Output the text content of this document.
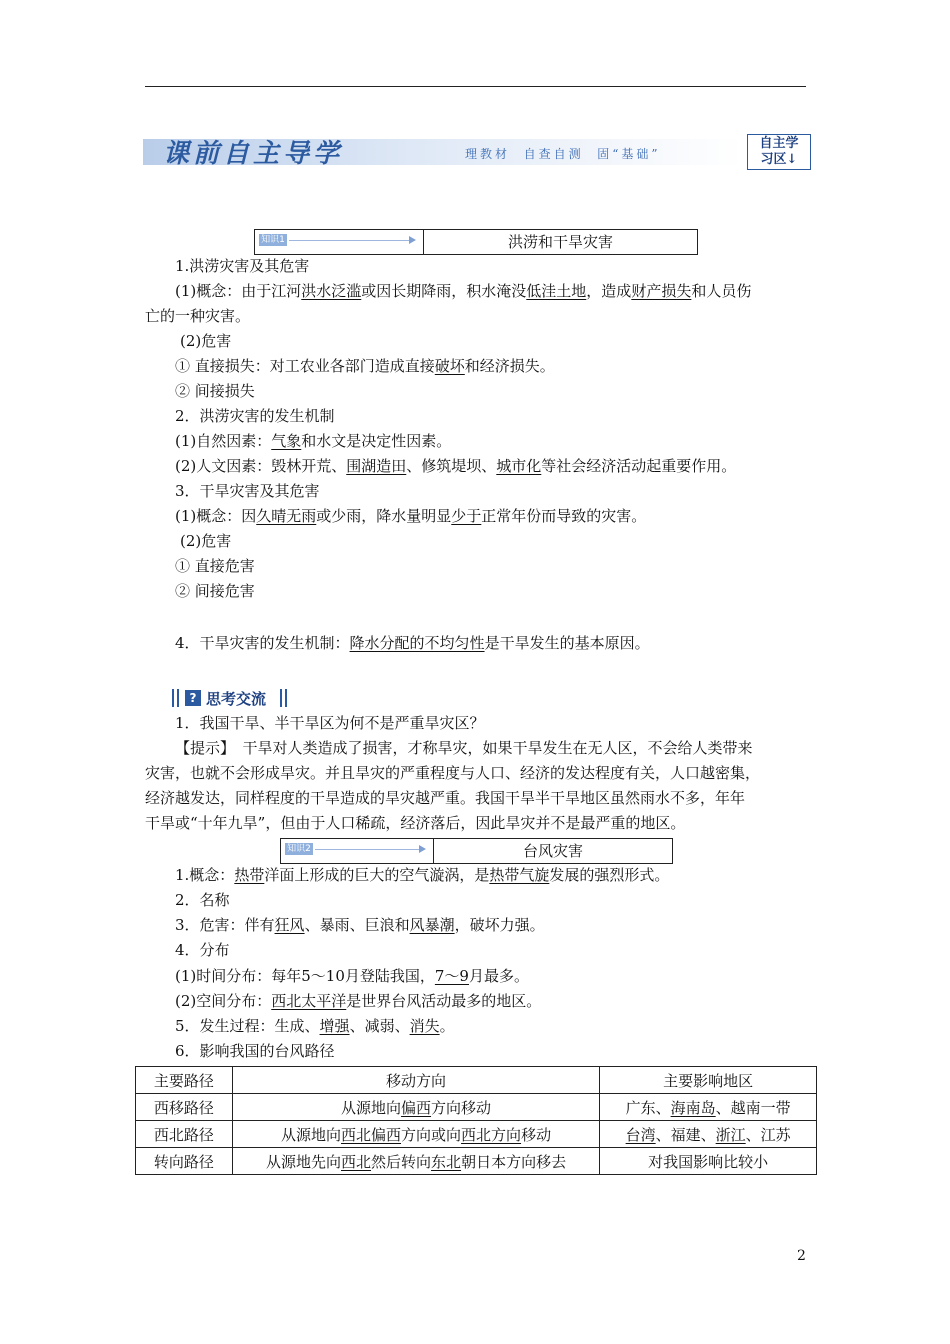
课前自主导学	理教材  自查自测  固“基础”
自主学
习区↓
知识1	洪涝和干旱灾害
1.洪涝灾害及其危害
(1)概念：由于江河洪水泛滥或因长期降雨，积水淹没低洼土地，造成财产损失和人员伤
亡的一种灾害。
(2)危害
① 直接损失：对工农业各部门造成直接破坏和经济损失。
② 间接损失
2．洪涝灾害的发生机制
(1)自然因素：气象和水文是决定性因素。
(2)人文因素：毁林开荒、围湖造田、修筑堤坝、城市化等社会经济活动起重要作用。
3．干旱灾害及其危害
(1)概念：因久晴无雨或少雨，降水量明显少于正常年份而导致的灾害。
(2)危害
① 直接危害
② 间接危害
4．干旱灾害的发生机制：降水分配的不均匀性是干旱发生的基本原因。
? 思考交流
1．我国干旱、半干旱区为何不是严重旱灾区？
【提示】　干旱对人类造成了损害，才称旱灾，如果干旱发生在无人区，不会给人类带来
灾害，也就不会形成旱灾。并且旱灾的严重程度与人口、经济的发达程度有关，人口越密集，
经济越发达，同样程度的干旱造成的旱灾越严重。我国干旱半干旱地区虽然雨水不多，年年
干旱或“十年九旱”，但由于人口稀疏，经济落后，因此旱灾并不是最严重的地区。
知识2	台风灾害
1.概念：热带洋面上形成的巨大的空气漩涡，是热带气旋发展的强烈形式。
2．名称
3．危害：伴有狂风、暴雨、巨浪和风暴潮，破坏力强。
4．分布
(1)时间分布：每年5～10月登陆我国，7～9月最多。
(2)空间分布：西北太平洋是世界台风活动最多的地区。
5．发生过程：生成、增强、减弱、消失。
6．影响我国的台风路径
主要路径	移动方向	主要影响地区
西移路径	从源地向偏西方向移动	广东、海南岛、越南一带
西北路径	从源地向西北偏西方向或向西北方向移动	台湾、福建、浙江、江苏
转向路径	从源地先向西北然后转向东北朝日本方向移去	对我国影响比较小
2
